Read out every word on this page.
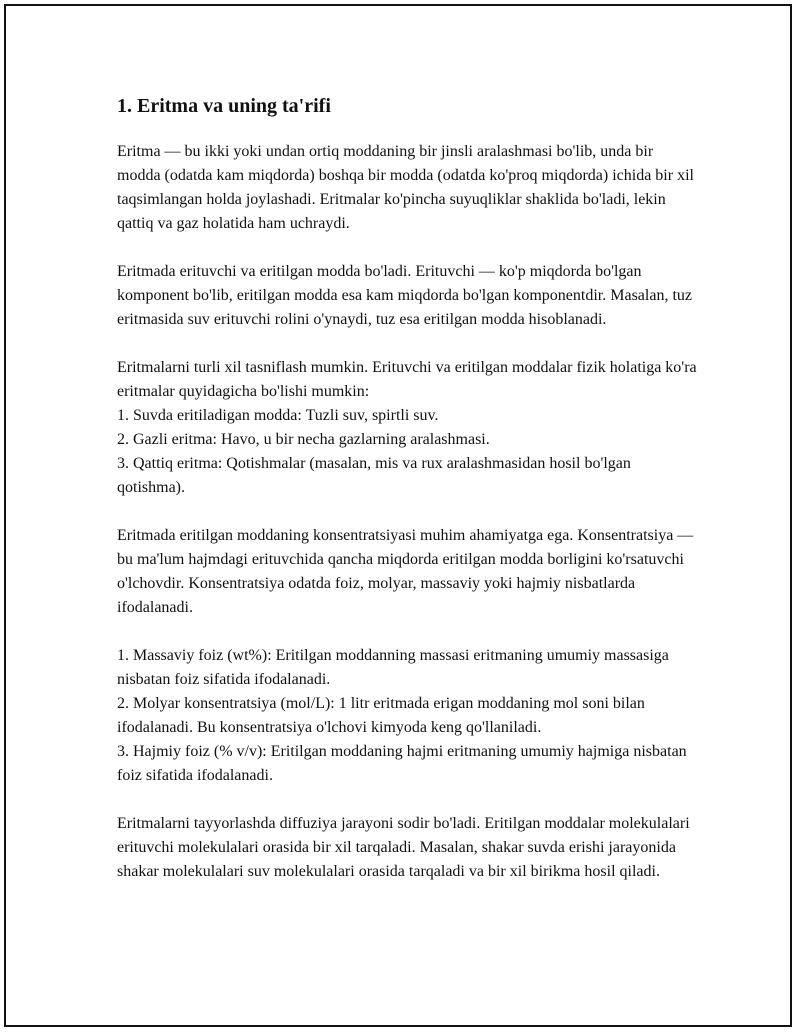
1. Eritma va uning ta'rifi

Eritma — bu ikki yoki undan ortiq moddaning bir jinsli aralashmasi bo'lib, unda bir modda (odatda kam miqdorda) boshqa bir modda (odatda ko'proq miqdorda) ichida bir xil taqsimlangan holda joylashadi. Eritmalar ko'pincha suyuqliklar shaklida bo'ladi, lekin qattiq va gaz holatida ham uchraydi.

Eritmada erituvchi va eritilgan modda bo'ladi. Erituvchi — ko'p miqdorda bo'lgan komponent bo'lib, eritilgan modda esa kam miqdorda bo'lgan komponentdir. Masalan, tuz eritmasida suv erituvchi rolini o'ynaydi, tuz esa eritilgan modda hisoblanadi.

Eritmalarni turli xil tasniflash mumkin. Erituvchi va eritilgan moddalar fizik holatiga ko'ra eritmalar quyidagicha bo'lishi mumkin:
1. Suvda eritiladigan modda: Tuzli suv, spirtli suv.
2. Gazli eritma: Havo, u bir necha gazlarning aralashmasi.
3. Qattiq eritma: Qotishmalar (masalan, mis va rux aralashmasidan hosil bo'lgan qotishma).

Eritmada eritilgan moddaning konsentratsiyasi muhim ahamiyatga ega. Konsentratsiya — bu ma'lum hajmdagi erituvchida qancha miqdorda eritilgan modda borligini ko'rsatuvchi o'lchovdir. Konsentratsiya odatda foiz, molyar, massaviy yoki hajmiy nisbatlarda ifodalanadi.

1. Massaviy foiz (wt%): Eritilgan moddanning massasi eritmaning umumiy massasiga nisbatan foiz sifatida ifodalanadi.
2. Molyar konsentratsiya (mol/L): 1 litr eritmada erigan moddaning mol soni bilan ifodalanadi. Bu konsentratsiya o'lchovi kimyoda keng qo'llaniladi.
3. Hajmiy foiz (% v/v): Eritilgan moddaning hajmi eritmaning umumiy hajmiga nisbatan foiz sifatida ifodalanadi.

Eritmalarni tayyorlashda diffuziya jarayoni sodir bo'ladi. Eritilgan moddalar molekulalari erituvchi molekulalari orasida bir xil tarqaladi. Masalan, shakar suvda erishi jarayonida shakar molekulalari suv molekulalari orasida tarqaladi va bir xil birikma hosil qiladi.
